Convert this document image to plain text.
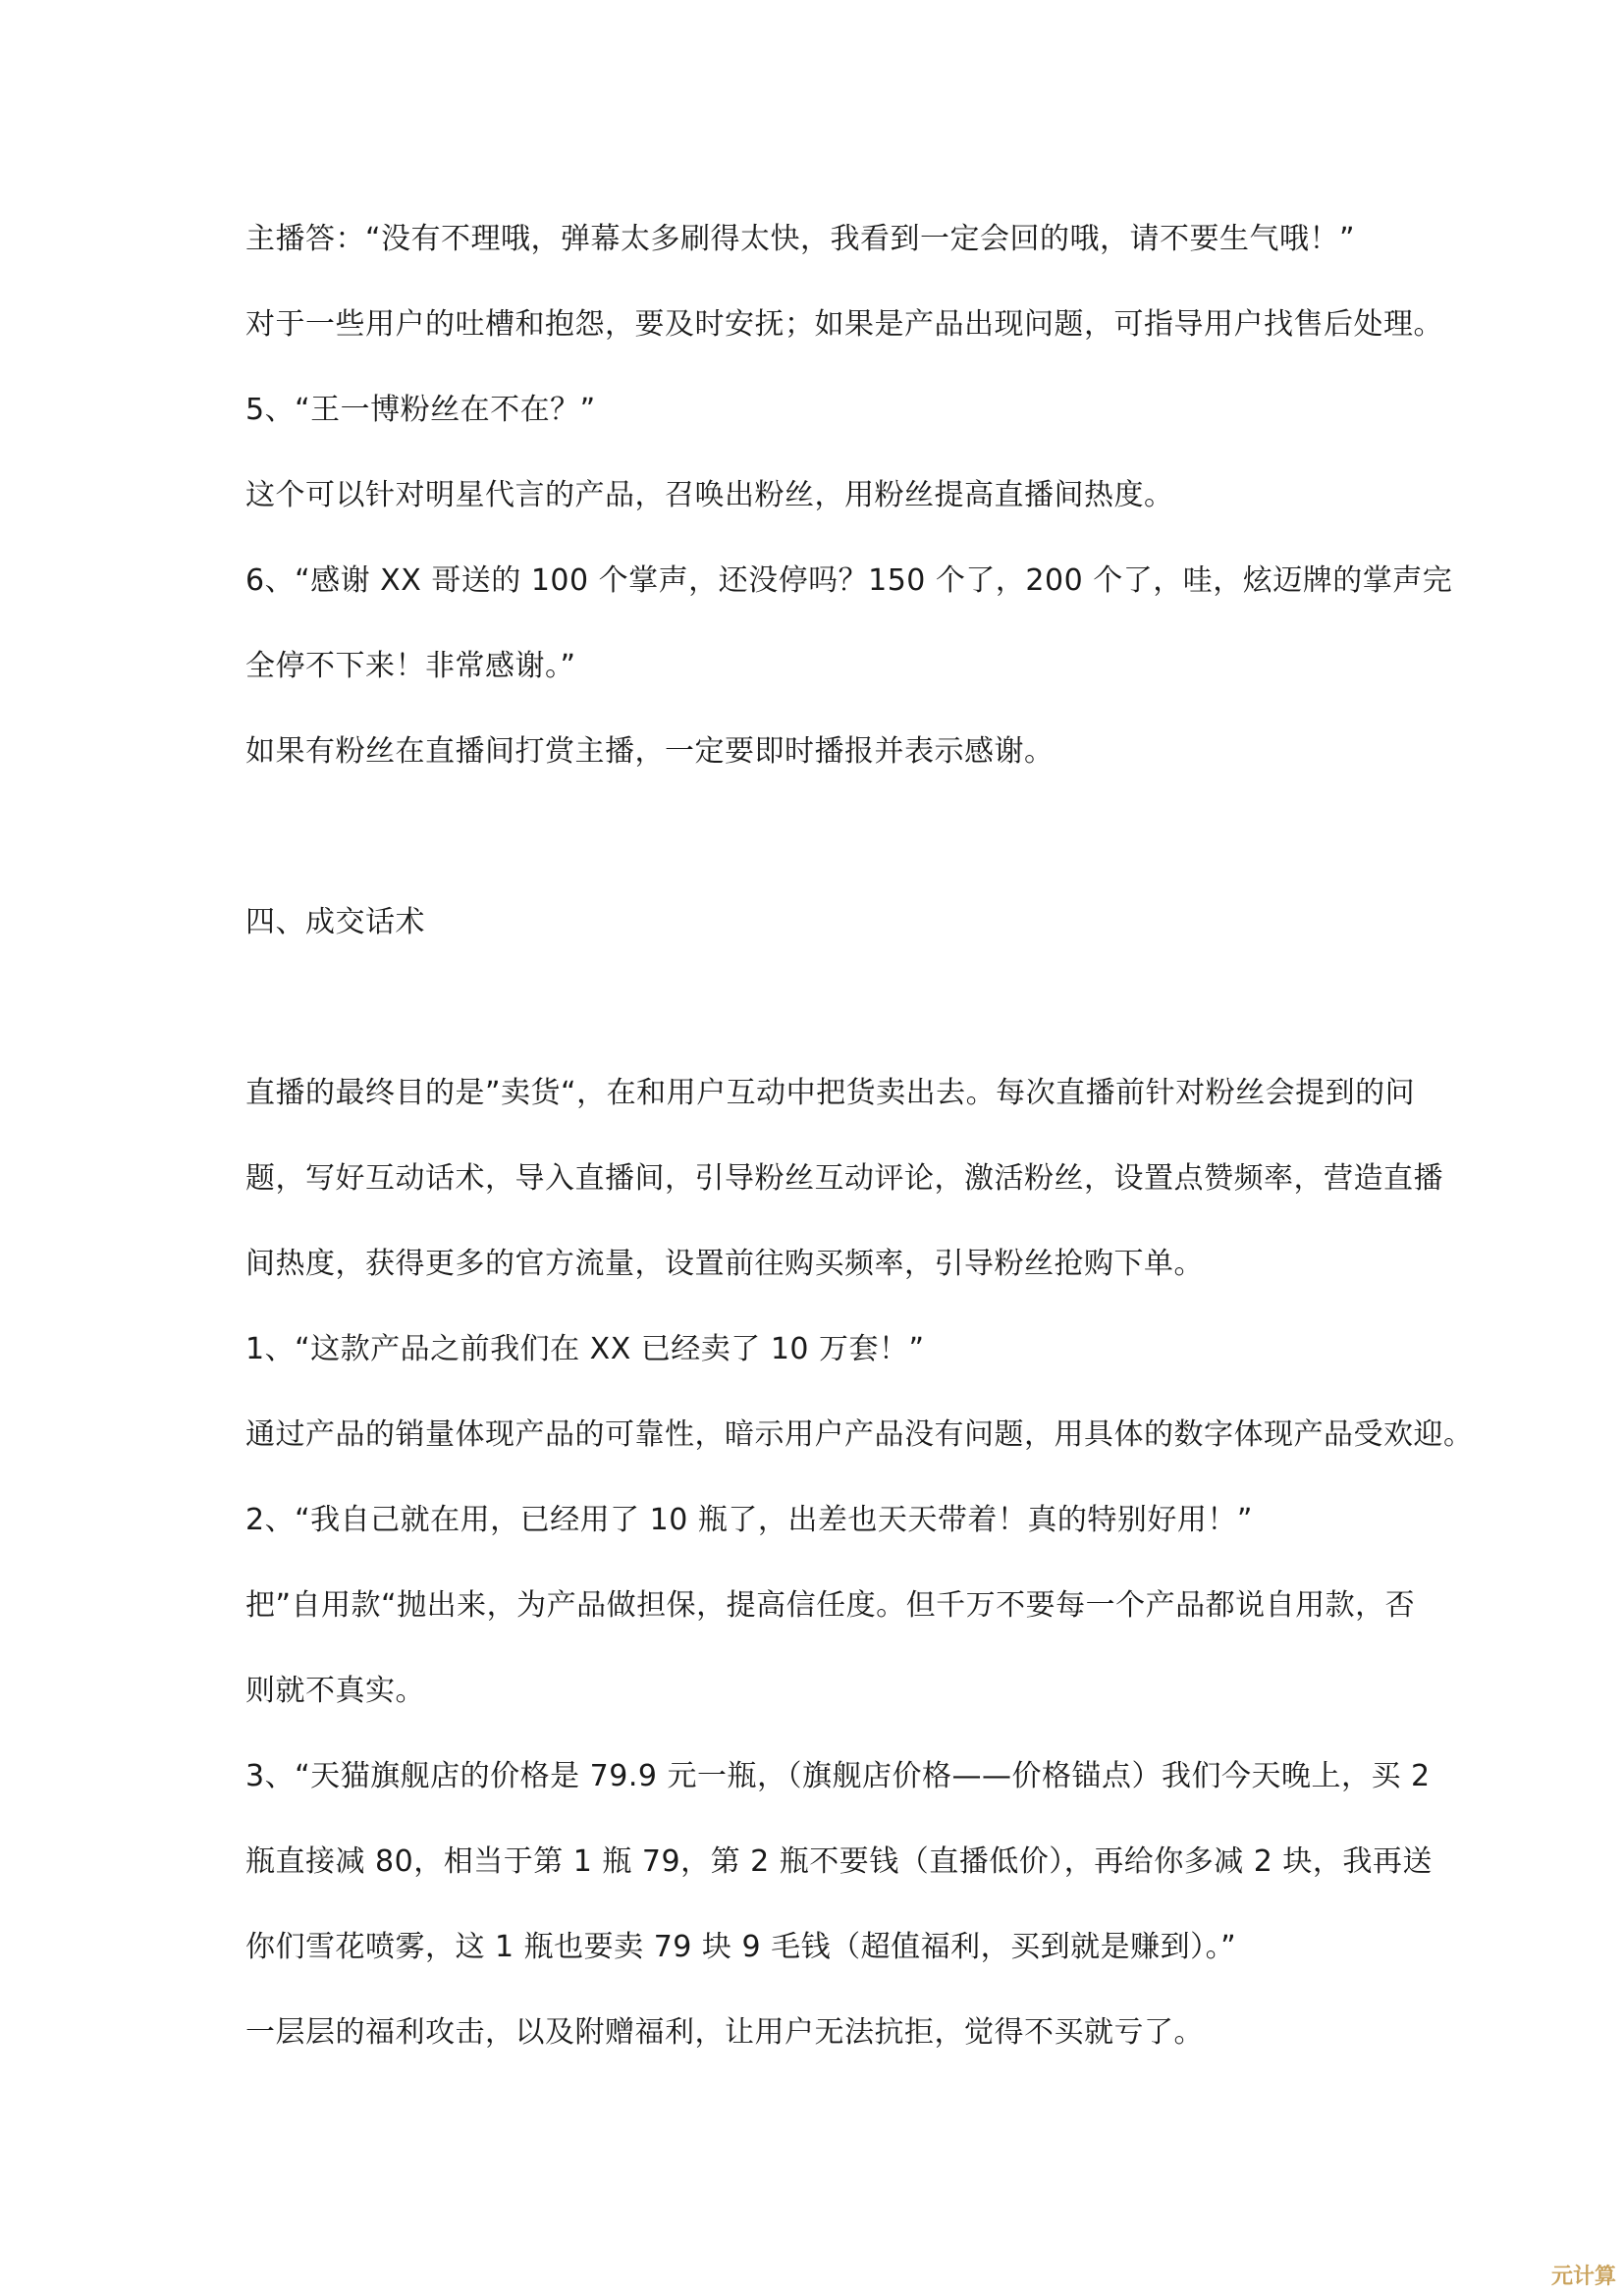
主播答：“没有不理哦，弹幕太多刷得太快，我看到一定会回的哦，请不要生气哦！”
对于一些用户的吐槽和抱怨，要及时安抚；如果是产品出现问题，可指导用户找售后处理。
5、“王一博粉丝在不在？”
这个可以针对明星代言的产品，召唤出粉丝，用粉丝提高直播间热度。
6、“感谢 XX 哥送的 100 个掌声，还没停吗？150 个了，200 个了，哇，炫迈牌的掌声完
全停不下来！非常感谢。”
如果有粉丝在直播间打赏主播，一定要即时播报并表示感谢。
四、成交话术
直播的最终目的是”卖货“，在和用户互动中把货卖出去。每次直播前针对粉丝会提到的问
题，写好互动话术，导入直播间，引导粉丝互动评论，激活粉丝，设置点赞频率，营造直播
间热度，获得更多的官方流量，设置前往购买频率，引导粉丝抢购下单。
1、“这款产品之前我们在 XX 已经卖了 10 万套！”
通过产品的销量体现产品的可靠性，暗示用户产品没有问题，用具体的数字体现产品受欢迎。
2、“我自己就在用，已经用了 10 瓶了，出差也天天带着！真的特别好用！”
把”自用款“抛出来，为产品做担保，提高信任度。但千万不要每一个产品都说自用款，否
则就不真实。
3、“天猫旗舰店的价格是 79.9 元一瓶，（旗舰店价格——价格锚点）我们今天晚上，买 2
瓶直接减 80，相当于第 1 瓶 79，第 2 瓶不要钱（直播低价），再给你多减 2 块，我再送
你们雪花喷雾，这 1 瓶也要卖 79 块 9 毛钱（超值福利，买到就是赚到）。”
一层层的福利攻击，以及附赠福利，让用户无法抗拒，觉得不买就亏了。
元计算
